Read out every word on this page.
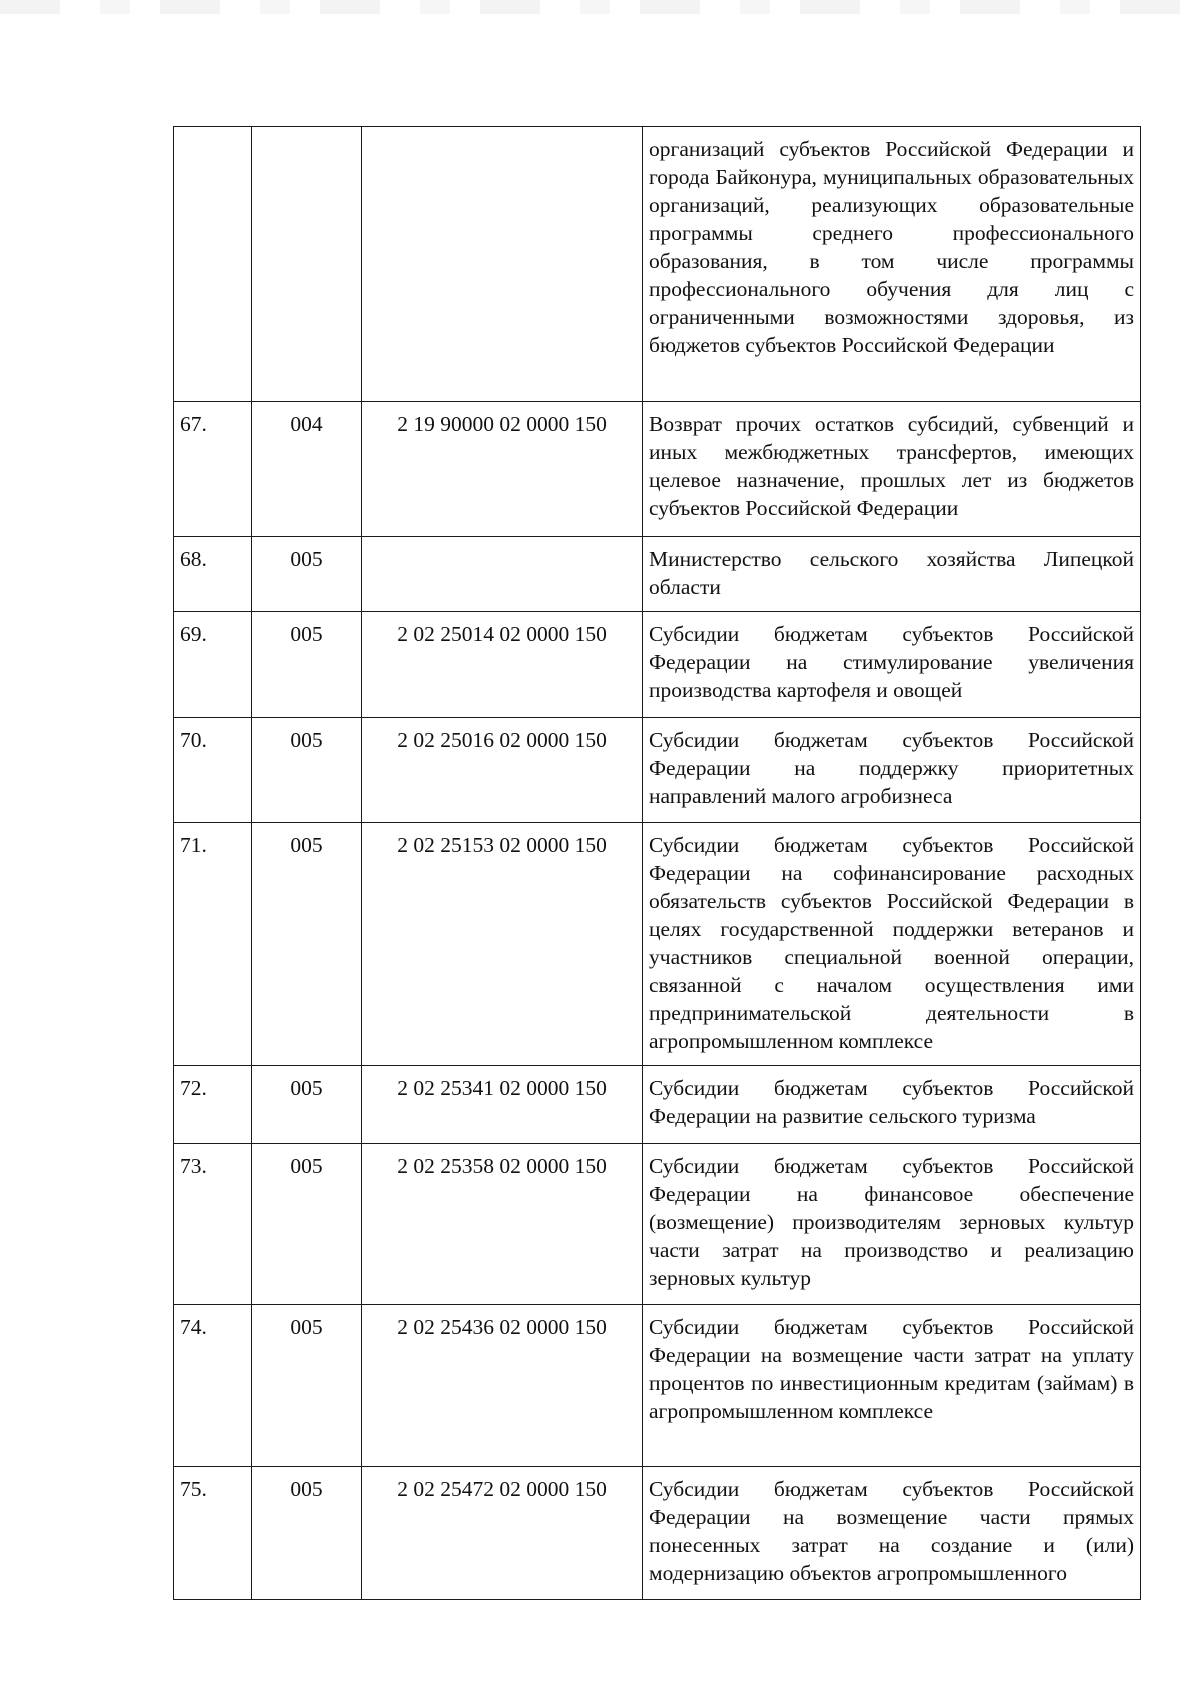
			организаций субъектов Российской Федерации и города Байконура, муниципальных образовательных организаций, реализующих образовательные программы среднего профессионального образования, в том числе программы профессионального обучения для лиц с ограниченными возможностями здоровья, из бюджетов субъектов Российской Федерации
67.	004	2 19 90000 02 0000 150	Возврат прочих остатков субсидий, субвенций и иных межбюджетных трансфертов, имеющих целевое назначение, прошлых лет из бюджетов субъектов Российской Федерации
68.	005		Министерство сельского хозяйства Липецкой области
69.	005	2 02 25014 02 0000 150	Субсидии бюджетам субъектов Российской Федерации на стимулирование увеличения производства картофеля и овощей
70.	005	2 02 25016 02 0000 150	Субсидии бюджетам субъектов Российской Федерации на поддержку приоритетных направлений малого агробизнеса
71.	005	2 02 25153 02 0000 150	Субсидии бюджетам субъектов Российской Федерации на софинансирование расходных обязательств субъектов Российской Федерации в целях государственной поддержки ветеранов и участников специальной военной операции, связанной с началом осуществления ими предпринимательской деятельности в агропромышленном комплексе
72.	005	2 02 25341 02 0000 150	Субсидии бюджетам субъектов Российской Федерации на развитие сельского туризма
73.	005	2 02 25358 02 0000 150	Субсидии бюджетам субъектов Российской Федерации на финансовое обеспечение (возмещение) производителям зерновых культур части затрат на производство и реализацию зерновых культур
74.	005	2 02 25436 02 0000 150	Субсидии бюджетам субъектов Российской Федерации на возмещение части затрат на уплату процентов по инвестиционным кредитам (займам) в агропромышленном комплексе
75.	005	2 02 25472 02 0000 150	Субсидии бюджетам субъектов Российской Федерации на возмещение части прямых понесенных затрат на создание и (или) модернизацию объектов агропромышленного
